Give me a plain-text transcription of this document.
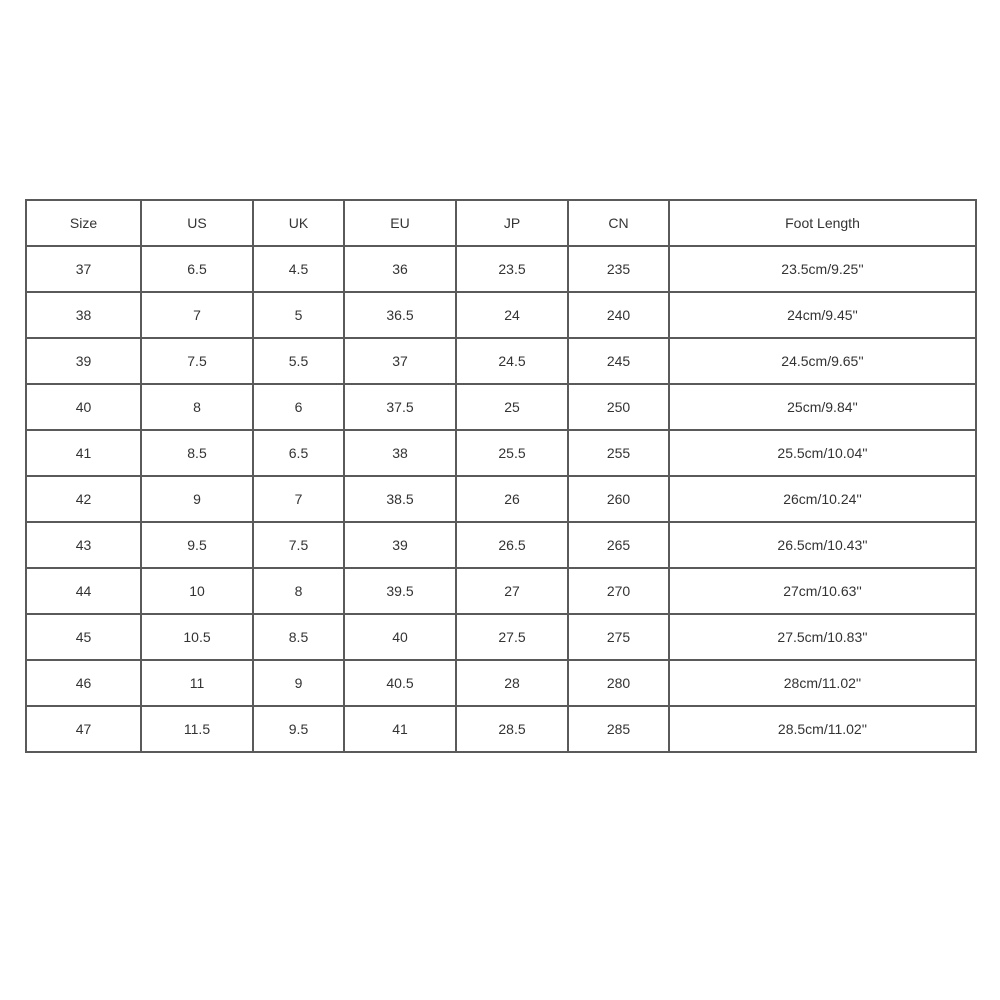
Size	US	UK	EU	JP	CN	Foot Length
37	6.5	4.5	36	23.5	235	23.5cm/9.25''
38	7	5	36.5	24	240	24cm/9.45''
39	7.5	5.5	37	24.5	245	24.5cm/9.65''
40	8	6	37.5	25	250	25cm/9.84''
41	8.5	6.5	38	25.5	255	25.5cm/10.04''
42	9	7	38.5	26	260	26cm/10.24''
43	9.5	7.5	39	26.5	265	26.5cm/10.43''
44	10	8	39.5	27	270	27cm/10.63''
45	10.5	8.5	40	27.5	275	27.5cm/10.83''
46	11	9	40.5	28	280	28cm/11.02''
47	11.5	9.5	41	28.5	285	28.5cm/11.02''
